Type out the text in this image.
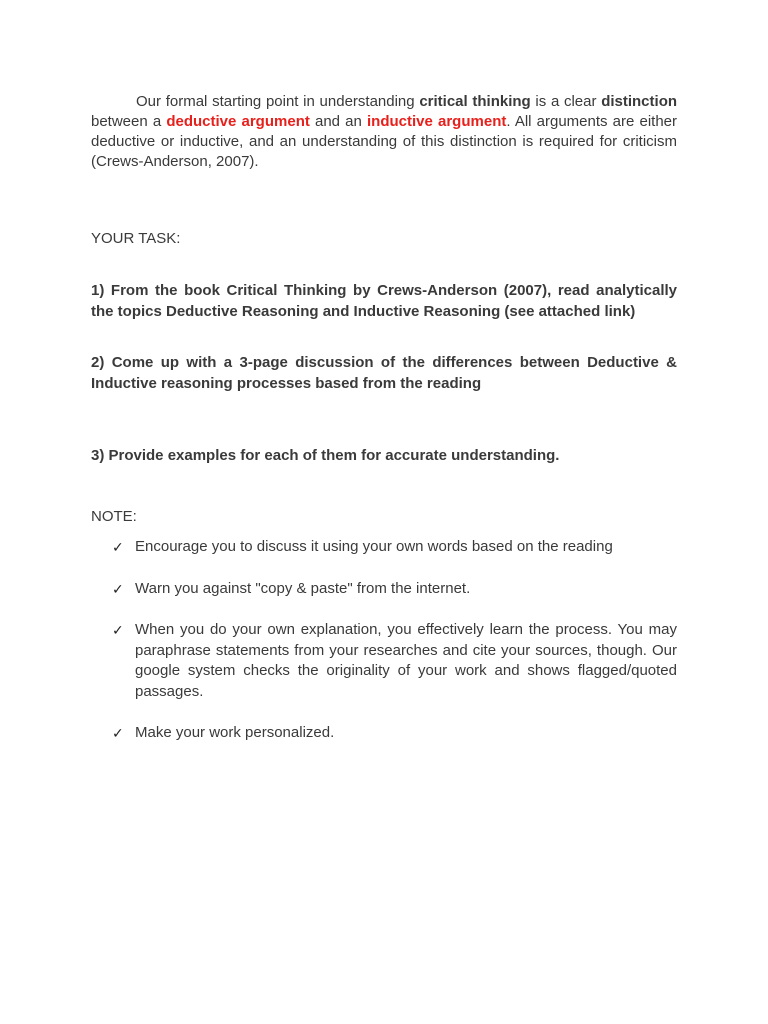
Our formal starting point in understanding critical thinking is a clear distinction between a deductive argument and an inductive argument. All arguments are either deductive or inductive, and an understanding of this distinction is required for criticism (Crews-Anderson, 2007).

YOUR TASK:

1) From the book Critical Thinking by Crews-Anderson (2007), read analytically the topics Deductive Reasoning and Inductive Reasoning (see attached link)

2) Come up with a 3-page discussion of the differences between Deductive & Inductive reasoning processes based from the reading

3) Provide examples for each of them for accurate understanding.

NOTE:

✓ Encourage you to discuss it using your own words based on the reading
✓ Warn you against "copy & paste" from the internet.
✓ When you do your own explanation, you effectively learn the process. You may paraphrase statements from your researches and cite your sources, though. Our google system checks the originality of your work and shows flagged/quoted passages.
✓ Make your work personalized.
